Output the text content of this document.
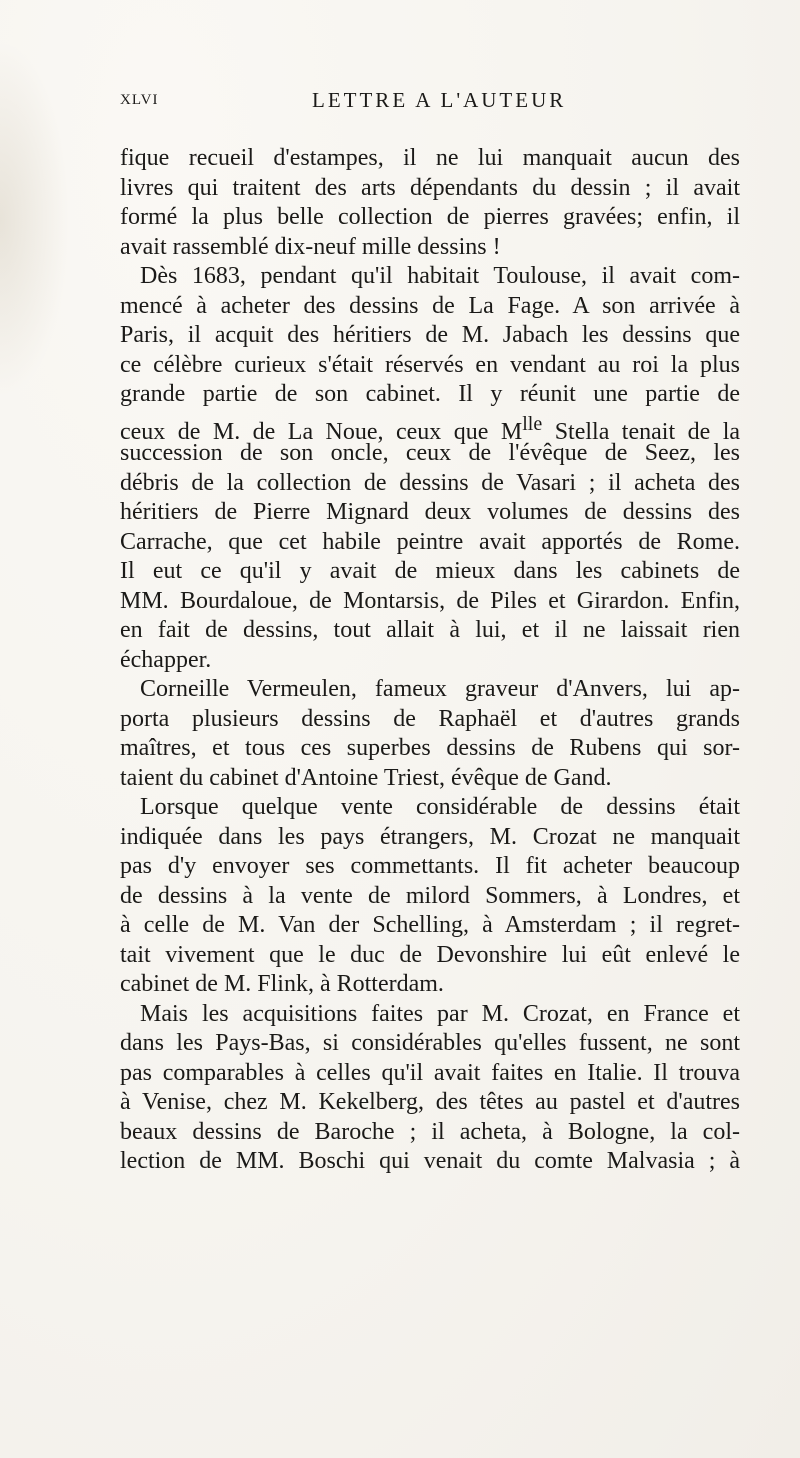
XLVI	LETTRE A L'AUTEUR
fique recueil d'estampes, il ne lui manquait aucun des
livres qui traitent des arts dépendants du dessin ; il avait
formé la plus belle collection de pierres gravées; enfin, il
avait rassemblé dix-neuf mille dessins !
Dès 1683, pendant qu'il habitait Toulouse, il avait com-
mencé à acheter des dessins de La Fage. A son arrivée à
Paris, il acquit des héritiers de M. Jabach les dessins que
ce célèbre curieux s'était réservés en vendant au roi la plus
grande partie de son cabinet. Il y réunit une partie de
ceux de M. de La Noue, ceux que $M^{lle}$ Stella tenait de la
succession de son oncle, ceux de l'évêque de Seez, les
débris de la collection de dessins de Vasari ; il acheta des
héritiers de Pierre Mignard deux volumes de dessins des
Carrache, que cet habile peintre avait apportés de Rome.
Il eut ce qu'il y avait de mieux dans les cabinets de
MM. Bourdaloue, de Montarsis, de Piles et Girardon. Enfin,
en fait de dessins, tout allait à lui, et il ne laissait rien
échapper.
Corneille Vermeulen, fameux graveur d'Anvers, lui ap-
porta plusieurs dessins de Raphaël et d'autres grands
maîtres, et tous ces superbes dessins de Rubens qui sor-
taient du cabinet d'Antoine Triest, évêque de Gand.
Lorsque quelque vente considérable de dessins était
indiquée dans les pays étrangers, M. Crozat ne manquait
pas d'y envoyer ses commettants. Il fit acheter beaucoup
de dessins à la vente de milord Sommers, à Londres, et
à celle de M. Van der Schelling, à Amsterdam ; il regret-
tait vivement que le duc de Devonshire lui eût enlevé le
cabinet de M. Flink, à Rotterdam.
Mais les acquisitions faites par M. Crozat, en France et
dans les Pays-Bas, si considérables qu'elles fussent, ne sont
pas comparables à celles qu'il avait faites en Italie. Il trouva
à Venise, chez M. Kekelberg, des têtes au pastel et d'autres
beaux dessins de Baroche ; il acheta, à Bologne, la col-
lection de MM. Boschi qui venait du comte Malvasia ; à
